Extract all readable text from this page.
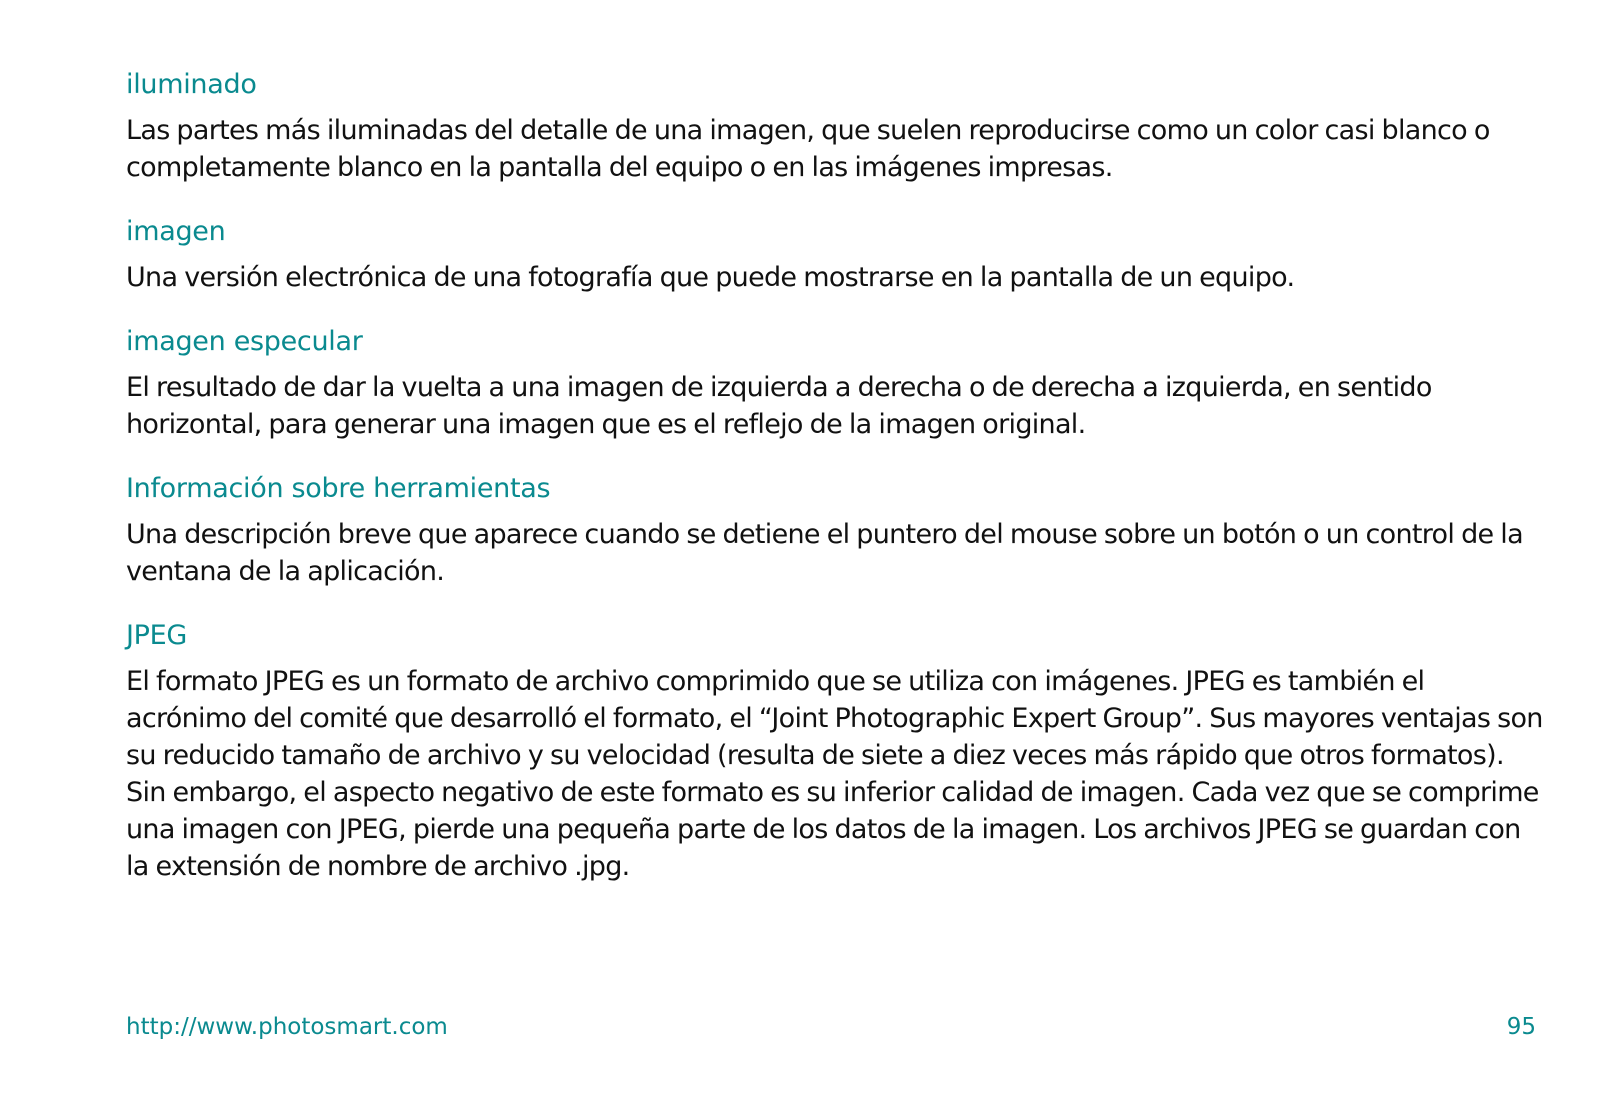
iluminado

Las partes más iluminadas del detalle de una imagen, que suelen reproducirse como un color casi blanco o completamente blanco en la pantalla del equipo o en las imágenes impresas.

imagen

Una versión electrónica de una fotografía que puede mostrarse en la pantalla de un equipo.

imagen especular

El resultado de dar la vuelta a una imagen de izquierda a derecha o de derecha a izquierda, en sentido horizontal, para generar una imagen que es el reflejo de la imagen original.

Información sobre herramientas

Una descripción breve que aparece cuando se detiene el puntero del mouse sobre un botón o un control de la ventana de la aplicación.

JPEG

El formato JPEG es un formato de archivo comprimido que se utiliza con imágenes. JPEG es también el acrónimo del comité que desarrolló el formato, el “Joint Photographic Expert Group”. Sus mayores ventajas son su reducido tamaño de archivo y su velocidad (resulta de siete a diez veces más rápido que otros formatos). Sin embargo, el aspecto negativo de este formato es su inferior calidad de imagen. Cada vez que se comprime una imagen con JPEG, pierde una pequeña parte de los datos de la imagen. Los archivos JPEG se guardan con la extensión de nombre de archivo .jpg.

http://www.photosmart.com	95
